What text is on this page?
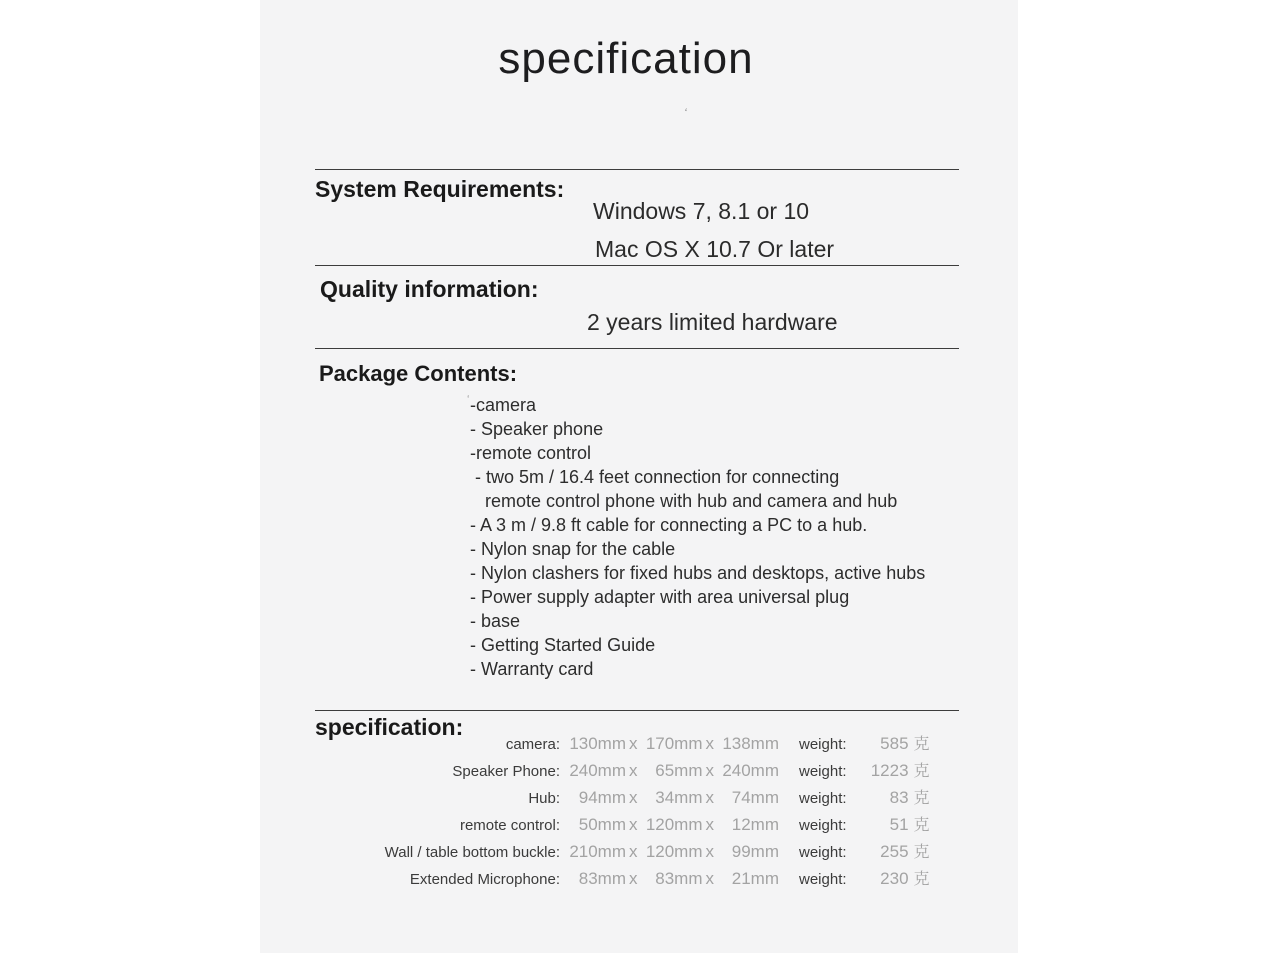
specification
ʻ
System Requirements:
Windows 7, 8.1 or 10
Mac OS X 10.7 Or later
Quality information:
2 years limited hardware
Package Contents:
ʻ -camera
- Speaker phone
-remote control
- two 5m / 16.4 feet connection for connecting
remote control phone with hub and camera and hub
- A 3 m / 9.8 ft cable for connecting a PC to a hub.
- Nylon snap for the cable
- Nylon clashers for fixed hubs and desktops, active hubs
- Power supply adapter with area universal plug
- base
- Getting Started Guide
- Warranty card
specification:
camera: 130mm x 170mm x 138mm weight:	585 克
Speaker Phone: 240mm x 65mm x 240mm weight:	1223 克
Hub:	94mm x 34mm x 74mm weight:	83 克
remote control:	50mm x 120mm x 12mm weight:	51 克
Wall / table bottom buckle: 210mm x 120mm x 99mm weight:	255 克
Extended Microphone:	83mm x 83mm x 21mm weight:	230 克
